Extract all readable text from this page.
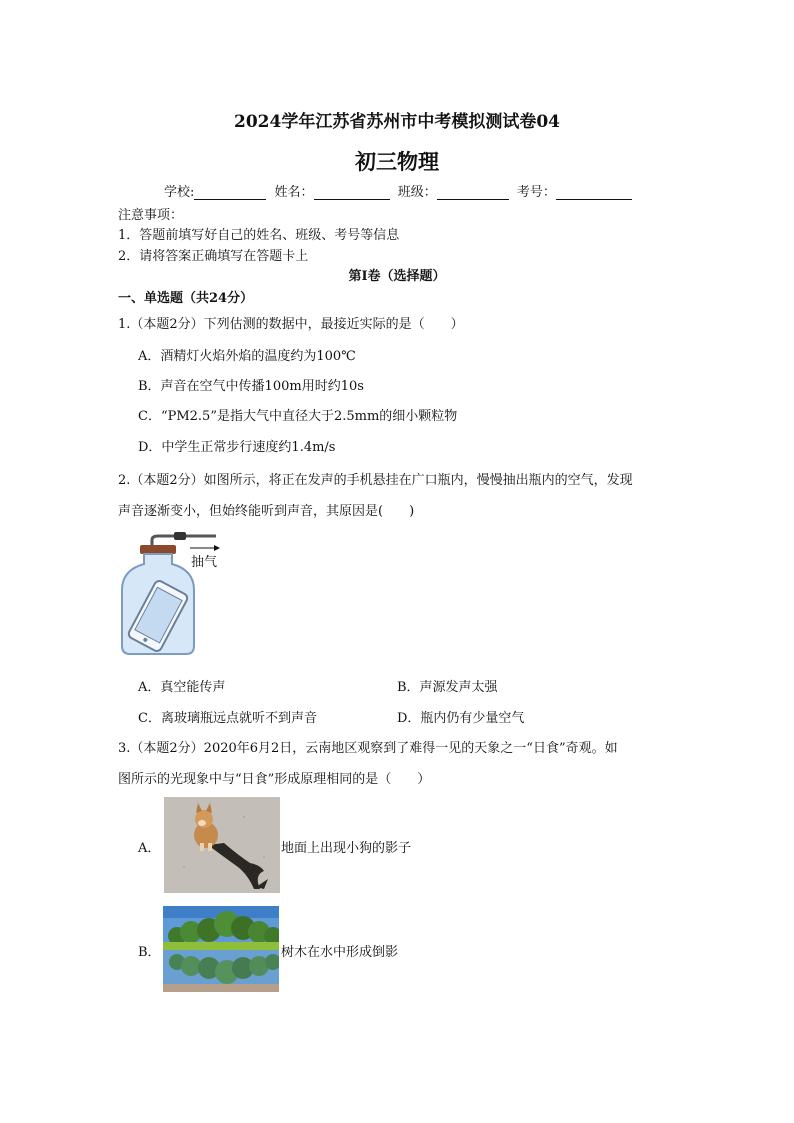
2024学年江苏省苏州市中考模拟测试卷04
初三物理
学校:	姓名：	班级：	考号：
注意事项：
1．答题前填写好自己的姓名、班级、考号等信息
2．请将答案正确填写在答题卡上
第I卷（选择题）
一、单选题（共24分）
1.（本题2分）下列估测的数据中，最接近实际的是（　　）
A．酒精灯火焰外焰的温度约为100℃
B．声音在空气中传播100m用时约10s
C．“PM2.5”是指大气中直径大于2.5mm的细小颗粒物
D．中学生正常步行速度约1.4m/s
2.（本题2分）如图所示，将正在发声的手机悬挂在广口瓶内，慢慢抽出瓶内的空气，发现
声音逐渐变小，但始终能听到声音，其原因是(　　)
抽气
A．真空能传声	B．声源发声太强
C．离玻璃瓶远点就听不到声音	D．瓶内仍有少量空气
3.（本题2分）2020年6月2日，云南地区观察到了难得一见的天象之一“日食”奇观。如
图所示的光现象中与“日食”形成原理相同的是（　　）
A．	地面上出现小狗的影子
B．	树木在水中形成倒影
